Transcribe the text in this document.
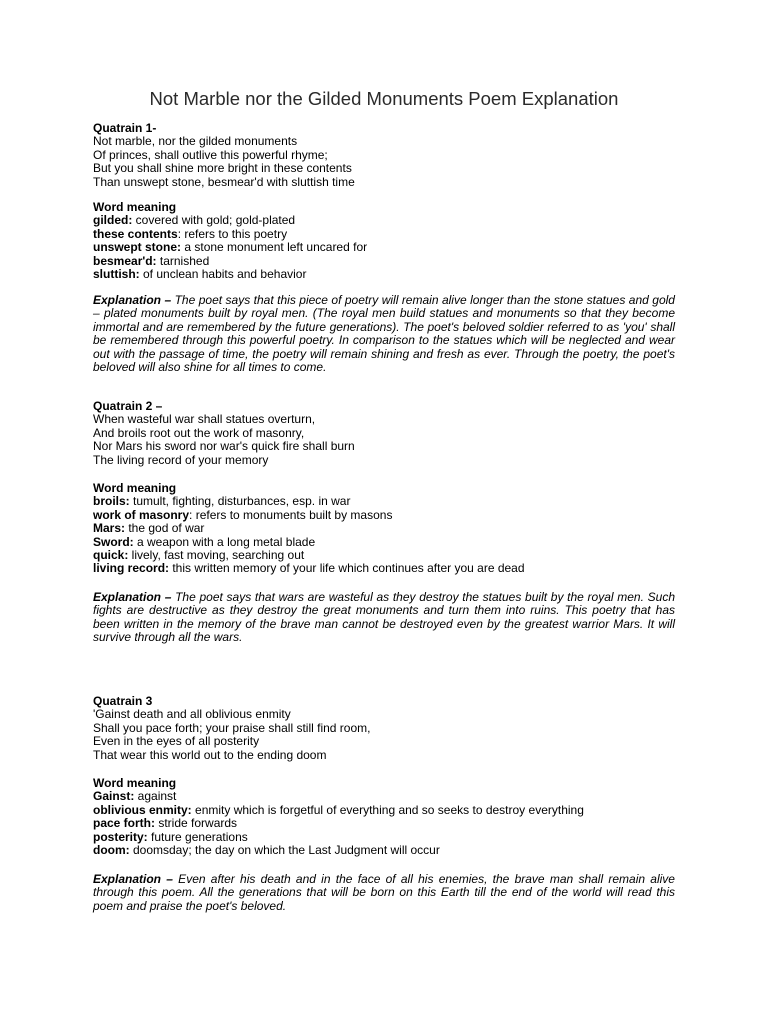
Not Marble nor the Gilded Monuments Poem Explanation
Quatrain 1-
Not marble, nor the gilded monuments
Of princes, shall outlive this powerful rhyme;
But you shall shine more bright in these contents
Than unswept stone, besmear'd with sluttish time
Word meaning
gilded: covered with gold; gold-plated
these contents: refers to this poetry
unswept stone: a stone monument left uncared for
besmear'd: tarnished
sluttish: of unclean habits and behavior
Explanation – The poet says that this piece of poetry will remain alive longer than the stone statues and gold – plated monuments built by royal men. (The royal men build statues and monuments so that they become immortal and are remembered by the future generations). The poet's beloved soldier referred to as 'you' shall be remembered through this powerful poetry. In comparison to the statues which will be neglected and wear out with the passage of time, the poetry will remain shining and fresh as ever. Through the poetry, the poet's beloved will also shine for all times to come.
Quatrain 2 –
When wasteful war shall statues overturn,
And broils root out the work of masonry,
Nor Mars his sword nor war's quick fire shall burn
The living record of your memory
Word meaning
broils: tumult, fighting, disturbances, esp. in war
work of masonry: refers to monuments built by masons
Mars: the god of war
Sword: a weapon with a long metal blade
quick: lively, fast moving, searching out
living record: this written memory of your life which continues after you are dead
Explanation – The poet says that wars are wasteful as they destroy the statues built by the royal men. Such fights are destructive as they destroy the great monuments and turn them into ruins. This poetry that has been written in the memory of the brave man cannot be destroyed even by the greatest warrior Mars. It will survive through all the wars.
Quatrain 3
'Gainst death and all oblivious enmity
Shall you pace forth; your praise shall still find room,
Even in the eyes of all posterity
That wear this world out to the ending doom
Word meaning
Gainst: against
oblivious enmity: enmity which is forgetful of everything and so seeks to destroy everything
pace forth: stride forwards
posterity: future generations
doom: doomsday; the day on which the Last Judgment will occur
Explanation – Even after his death and in the face of all his enemies, the brave man shall remain alive through this poem. All the generations that will be born on this Earth till the end of the world will read this poem and praise the poet's beloved.
